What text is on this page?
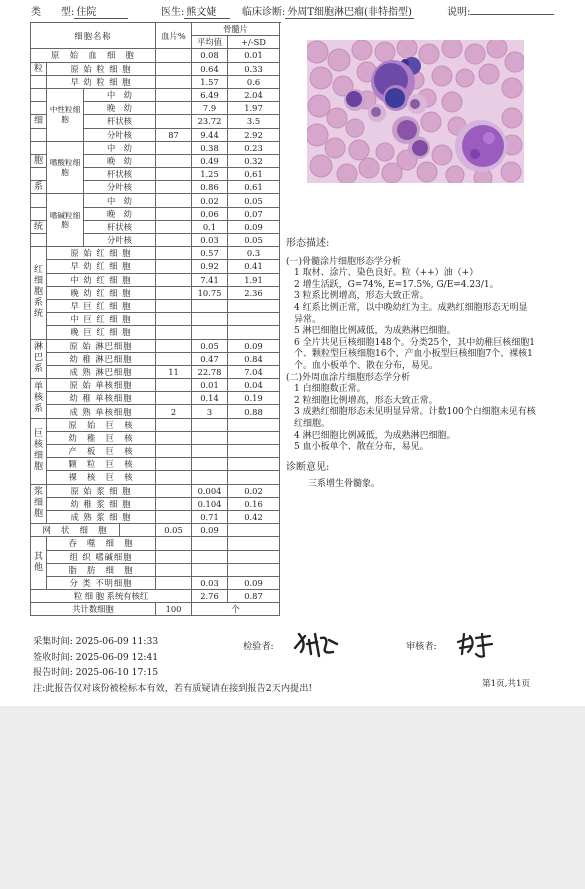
类　　型: 住院	医生: 熊文婕	临床诊断: 外周T细胞淋巴瘤(非特指型)	说明:
细胞名称				血片%	骨髓片		
					平均值	+/-SD	
原　始　血　细　胞					0.08	0.01	
粒	原 始 粒 细 胞				0.64	0.33	
	早 幼 粒 细 胞				1.57	0.6	
	中性粒细胞	中　幼			6.49	2.04	
		晚　幼			7.9	1.97	
细		杆状核			23.72	3.5	
		分叶核		87	9.44	2.92	
	嗜酸粒细胞	中　幼			0.38	0.23	
胞		晚　幼			0.49	0.32	
		杆状核			1.25	0.61	
系		分叶核			0.86	0.61	
	嗜碱粒细胞	中　幼			0.02	0.05	
		晚　幼			0.06	0.07	
统		杆状核			0.1	0.09	
		分叶核			0.03	0.05	
红细胞系统	原 始 红 细 胞				0.57	0.3	
	早 幼 红 细 胞				0.92	0.41	
	中 幼 红 细 胞				7.41	1.91	
	晚 幼 红 细 胞				10.75	2.36	
	早 巨 红 细 胞						
	中 巨 红 细 胞						
	晚 巨 红 细 胞						
淋巴系	原 始 淋巴细胞				0.05	0.09	
	幼 稚 淋巴细胞				0.47	0.84	
	成 熟 淋巴细胞			11	22.78	7.04	
单核系	原 始 单核细胞				0.01	0.04	
	幼 稚 单核细胞				0.14	0.19	
	成 熟 单核细胞			2	3	0.88	
巨核细胞	原　始　巨　核						
	幼　稚　巨　核						
	产　板　巨　核						
	颗　粒　巨　核						
	裸　核　巨　核						
浆细胞	原 始 浆 细 胞				0.004	0.02	
	幼 稚 浆 细 胞				0.104	0.16	
	成 熟 浆 细 胞				0.71	0.42	
网　状　细　胞				0.05	0.09		
其他	吞　噬　细　胞						
	组 织 嗜碱细胞						
	脂　肪　细　胞						
	分 类 不明细胞				0.03	0.09	
粒 细 胞 系统有核红					2.76	0.87	
共计数细胞				100	个	

形态描述:

(一)骨髓涂片细胞形态学分析

1 取材、涂片、染色良好。粒（++）油（+）

2 增生活跃，G=74%, E=17.5%, G/E=4.23/1。

3 粒系比例增高，形态大致正常。

4 红系比例正常，以中晚幼红为主。成熟红细胞形态无明显异常。

5 淋巴细胞比例减低，为成熟淋巴细胞。

6 全片共见巨核细胞148个。分类25个，其中幼稚巨核细胞1个、颗粒型巨核细胞16个、产血小板型巨核细胞7个、裸核1个。血小板单个、散在分布，易见。

(二)外周血涂片细胞形态学分析

1 白细胞数正常。

2 粒细胞比例增高，形态大致正常。

3 成熟红细胞形态未见明显异常。计数100个白细胞未见有核红细胞。

4 淋巴细胞比例减低，为成熟淋巴细胞。

5 血小板单个、散在分布，易见。

诊断意见:

三系增生骨髓象。

采集时间: 2025-06-09 11:33
签收时间: 2025-06-09 12:41
报告时间: 2025-06-10 17:15
检验者:	审核者:
注:此报告仅对该份被检标本有效，若有质疑请在接到报告2天内提出!	第1页,共1页
